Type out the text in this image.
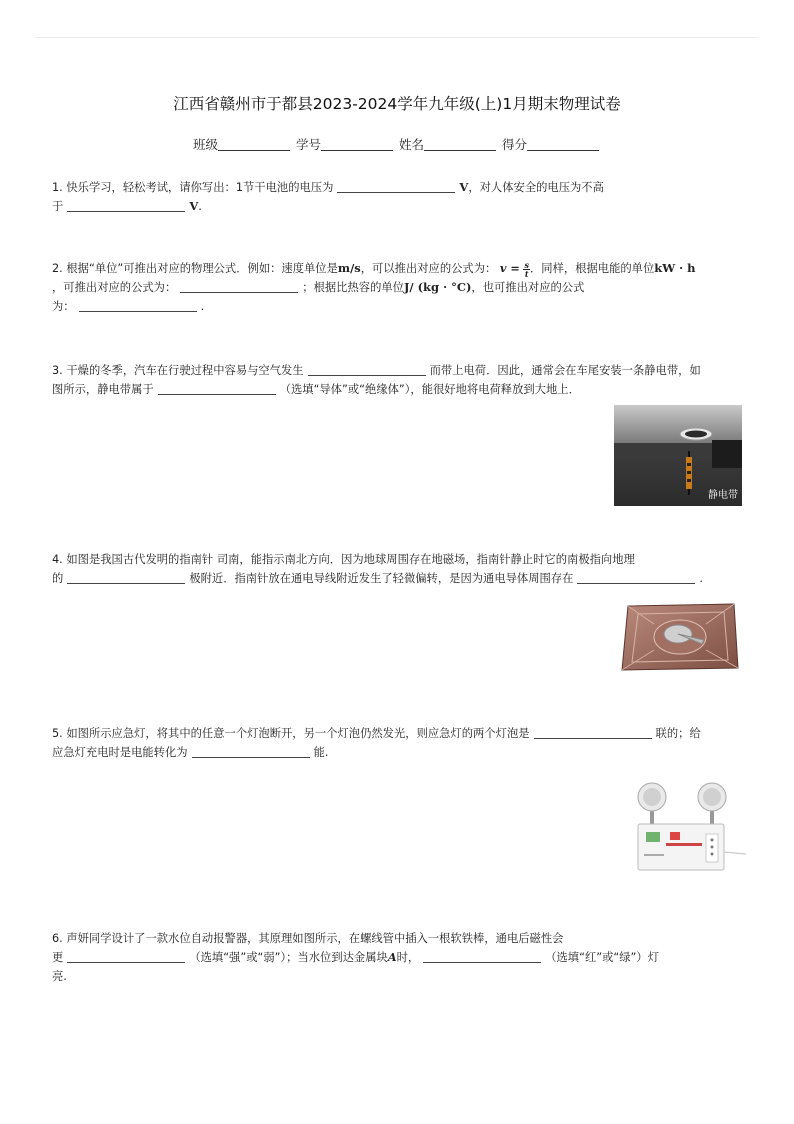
江西省赣州市于都县2023-2024学年九年级(上)1月期末物理试卷
班级	学号	姓名	得分
1. 快乐学习，轻松考试，请你写出：1节干电池的电压为	V，对人体安全的电压为不高
于	V.
2. 根据“单位”可推出对应的物理公式．例如：速度单位是m/s，可以推出对应的公式为： $v = \frac{s}{t}$ ．同样，根据电能的单位kW · h
，可推出对应的公式为：	；根据比热容的单位J/ (kg · °C)，也可推出对应的公式
为：	.
3. 干燥的冬季，汽车在行驶过程中容易与空气发生	而带上电荷．因此，通常会在车尾安装一条静电带，如
图所示，静电带属于	（选填“导体”或“绝缘体”），能很好地将电荷释放到大地上．
静电带
4. 如图是我国古代发明的指南针 司南，能指示南北方向．因为地球周围存在地磁场，指南针静止时它的南极指向地理
的	极附近．指南针放在通电导线附近发生了轻微偏转，是因为通电导体周围存在	.
5. 如图所示应急灯，将其中的任意一个灯泡断开，另一个灯泡仍然发光，则应急灯的两个灯泡是	联的；给
应急灯充电时是电能转化为	能.
6. 声妍同学设计了一款水位自动报警器，其原理如图所示，在螺线管中插入一根软铁棒，通电后磁性会
更	（选填“强”或“弱”）；当水位到达金属块A时，	（选填“红”或“绿”）灯
亮.
